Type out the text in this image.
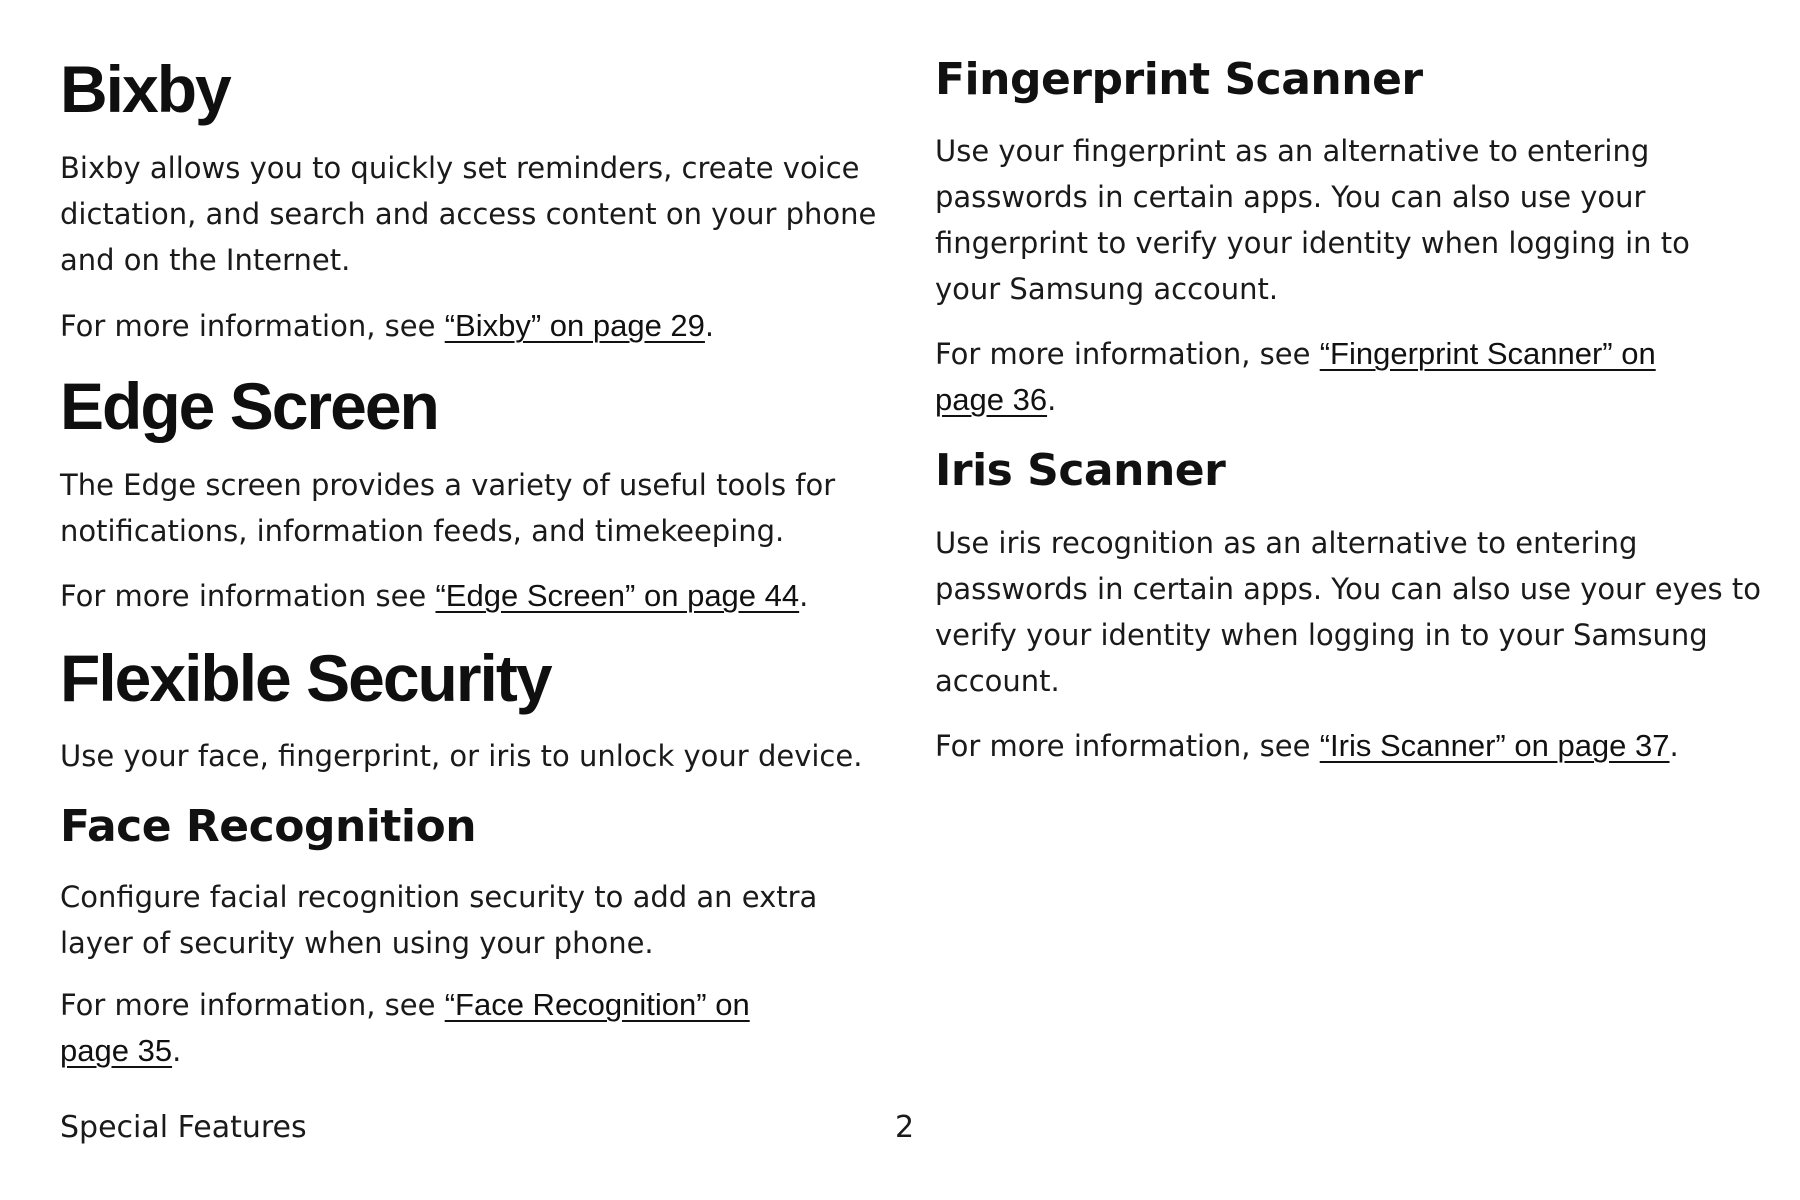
Bixby

Bixby allows you to quickly set reminders, create voice dictation, and search and access content on your phone and on the Internet.

For more information, see “Bixby” on page 29.

Edge Screen

The Edge screen provides a variety of useful tools for notifications, information feeds, and timekeeping.

For more information see “Edge Screen” on page 44.

Flexible Security

Use your face, fingerprint, or iris to unlock your device.

Face Recognition

Configure facial recognition security to add an extra layer of security when using your phone.

For more information, see “Face Recognition” on page 35.

Fingerprint Scanner

Use your fingerprint as an alternative to entering passwords in certain apps. You can also use your fingerprint to verify your identity when logging in to your Samsung account.

For more information, see “Fingerprint Scanner” on page 36.

Iris Scanner

Use iris recognition as an alternative to entering passwords in certain apps. You can also use your eyes to verify your identity when logging in to your Samsung account.

For more information, see “Iris Scanner” on page 37.

Special Features	2
